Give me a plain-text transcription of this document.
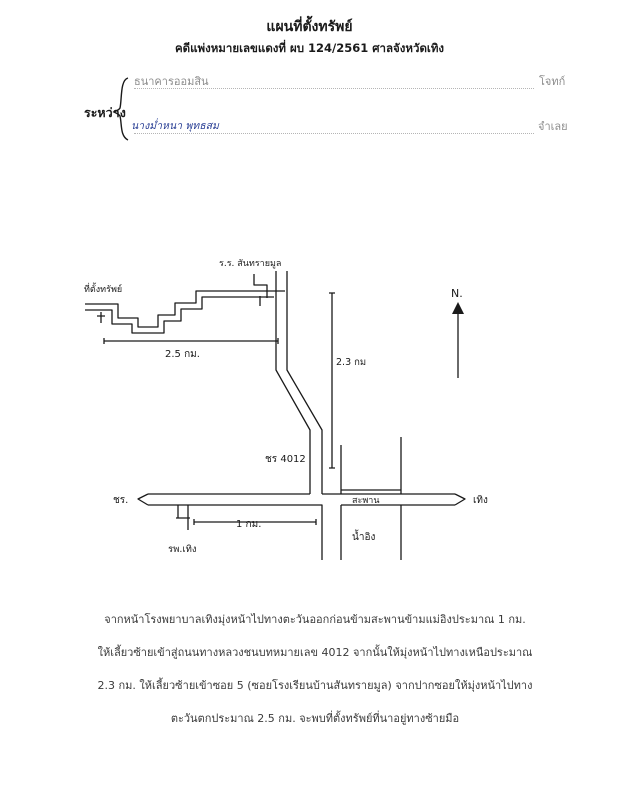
แผนที่ตั้งทรัพย์
คดีแพ่งหมายเลขแดงที่ ผบ 124/2561 ศาลจังหวัดเทิง
ระหว่าง
ธนาคารออมสิน	โจทก์
นางม่ำหนา พุทธสม	จำเลย
N.
ที่ตั้งทรัพย์
ร.ร. สันทรายมูล
ชร 4012
ชร.	เทิง
สะพาน
น้ำอิง
รพ.เทิง
2.5 กม.
2.3 กม
1 กม.
จากหน้าโรงพยาบาลเทิงมุ่งหน้าไปทางตะวันออกก่อนข้ามสะพานข้ามแม่อิงประมาณ 1 กม.
ให้เลี้ยวซ้ายเข้าสู่ถนนทางหลวงชนบทหมายเลข 4012 จากนั้นให้มุ่งหน้าไปทางเหนือประมาณ
2.3 กม. ให้เลี้ยวซ้ายเข้าซอย 5 (ซอยโรงเรียนบ้านสันทรายมูล) จากปากซอยให้มุ่งหน้าไปทาง
ตะวันตกประมาณ 2.5 กม. จะพบที่ตั้งทรัพย์ที่นาอยู่ทางซ้ายมือ
